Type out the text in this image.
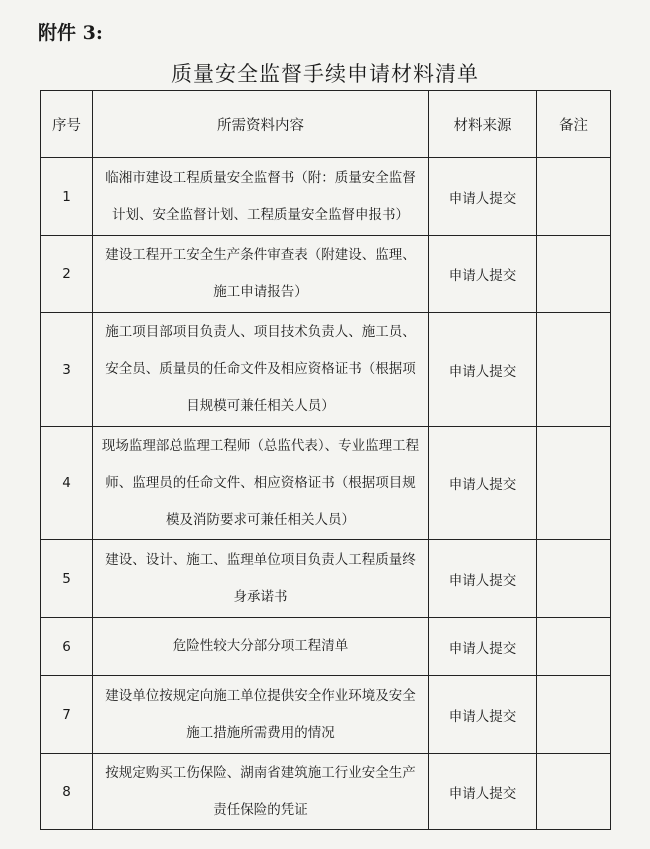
附件 3:
质量安全监督手续申请材料清单
序号	所需资料内容	材料来源	备注
1	临湘市建设工程质量安全监督书（附：质量安全监督计划、安全监督计划、工程质量安全监督申报书）	申请人提交	
2	建设工程开工安全生产条件审查表（附建设、监理、施工申请报告）	申请人提交	
3	施工项目部项目负责人、项目技术负责人、施工员、安全员、质量员的任命文件及相应资格证书（根据项目规模可兼任相关人员）	申请人提交	
4	现场监理部总监理工程师（总监代表）、专业监理工程师、监理员的任命文件、相应资格证书（根据项目规模及消防要求可兼任相关人员）	申请人提交	
5	建设、设计、施工、监理单位项目负责人工程质量终身承诺书	申请人提交	
6	危险性较大分部分项工程清单	申请人提交	
7	建设单位按规定向施工单位提供安全作业环境及安全施工措施所需费用的情况	申请人提交	
8	按规定购买工伤保险、湖南省建筑施工行业安全生产责任保险的凭证	申请人提交	
